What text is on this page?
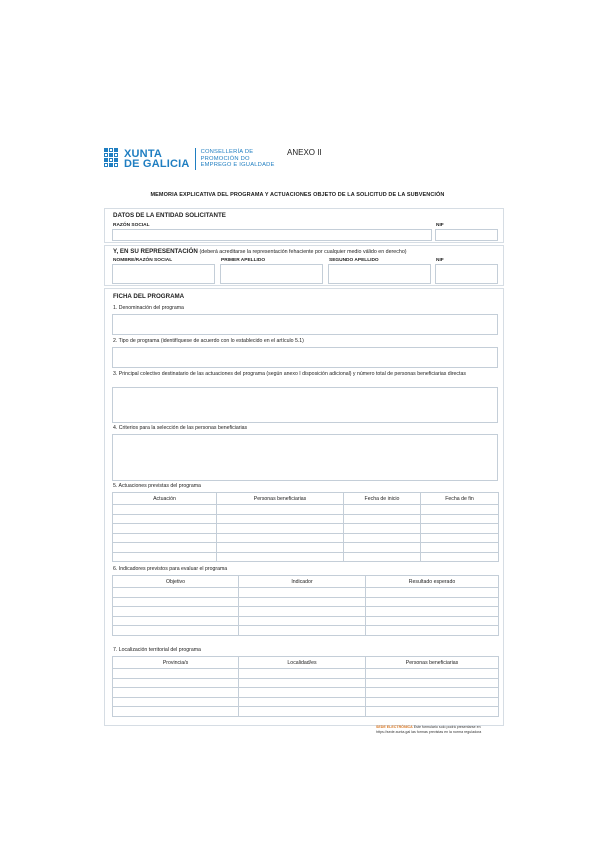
XUNTA
DE GALICIA
CONSELLERÍA DE
PROMOCIÓN DO
EMPREGO E IGUALDADE
ANEXO II
MEMORIA EXPLICATIVA DEL PROGRAMA Y ACTUACIONES OBJETO DE LA SOLICITUD DE LA SUBVENCIÓN
DATOS DE LA ENTIDAD SOLICITANTE
RAZÓN SOCIAL	NIF
Y, EN SU REPRESENTACIÓN (deberá acreditarse la representación fehaciente por cualquier medio válido en derecho)
NOMBRE/RAZÓN SOCIAL	PRIMER APELLIDO	SEGUNDO APELLIDO	NIF
FICHA DEL PROGRAMA
1. Denominación del programa
2. Tipo de programa (identifíquese de acuerdo con lo establecido en el artículo 5.1)
3. Principal colectivo destinatario de las actuaciones del programa (según anexo I disposición adicional) y número total de personas beneficiarias directas
4. Criterios para la selección de las personas beneficiarias
5. Actuaciones previstas del programa
Actuación	Personas beneficiarias	Fecha de inicio	Fecha de fin

6. Indicadores previstos para evaluar el programa
Objetivo	Indicador	Resultado esperado

7. Localización territorial del programa
Provincia/s	Localidad/es	Personas beneficiarias

SEDE ELECTRÓNICA Este formulario solo podrá presentarse en
https://sede.xunta.gal las formas previstas en la norma reguladora
